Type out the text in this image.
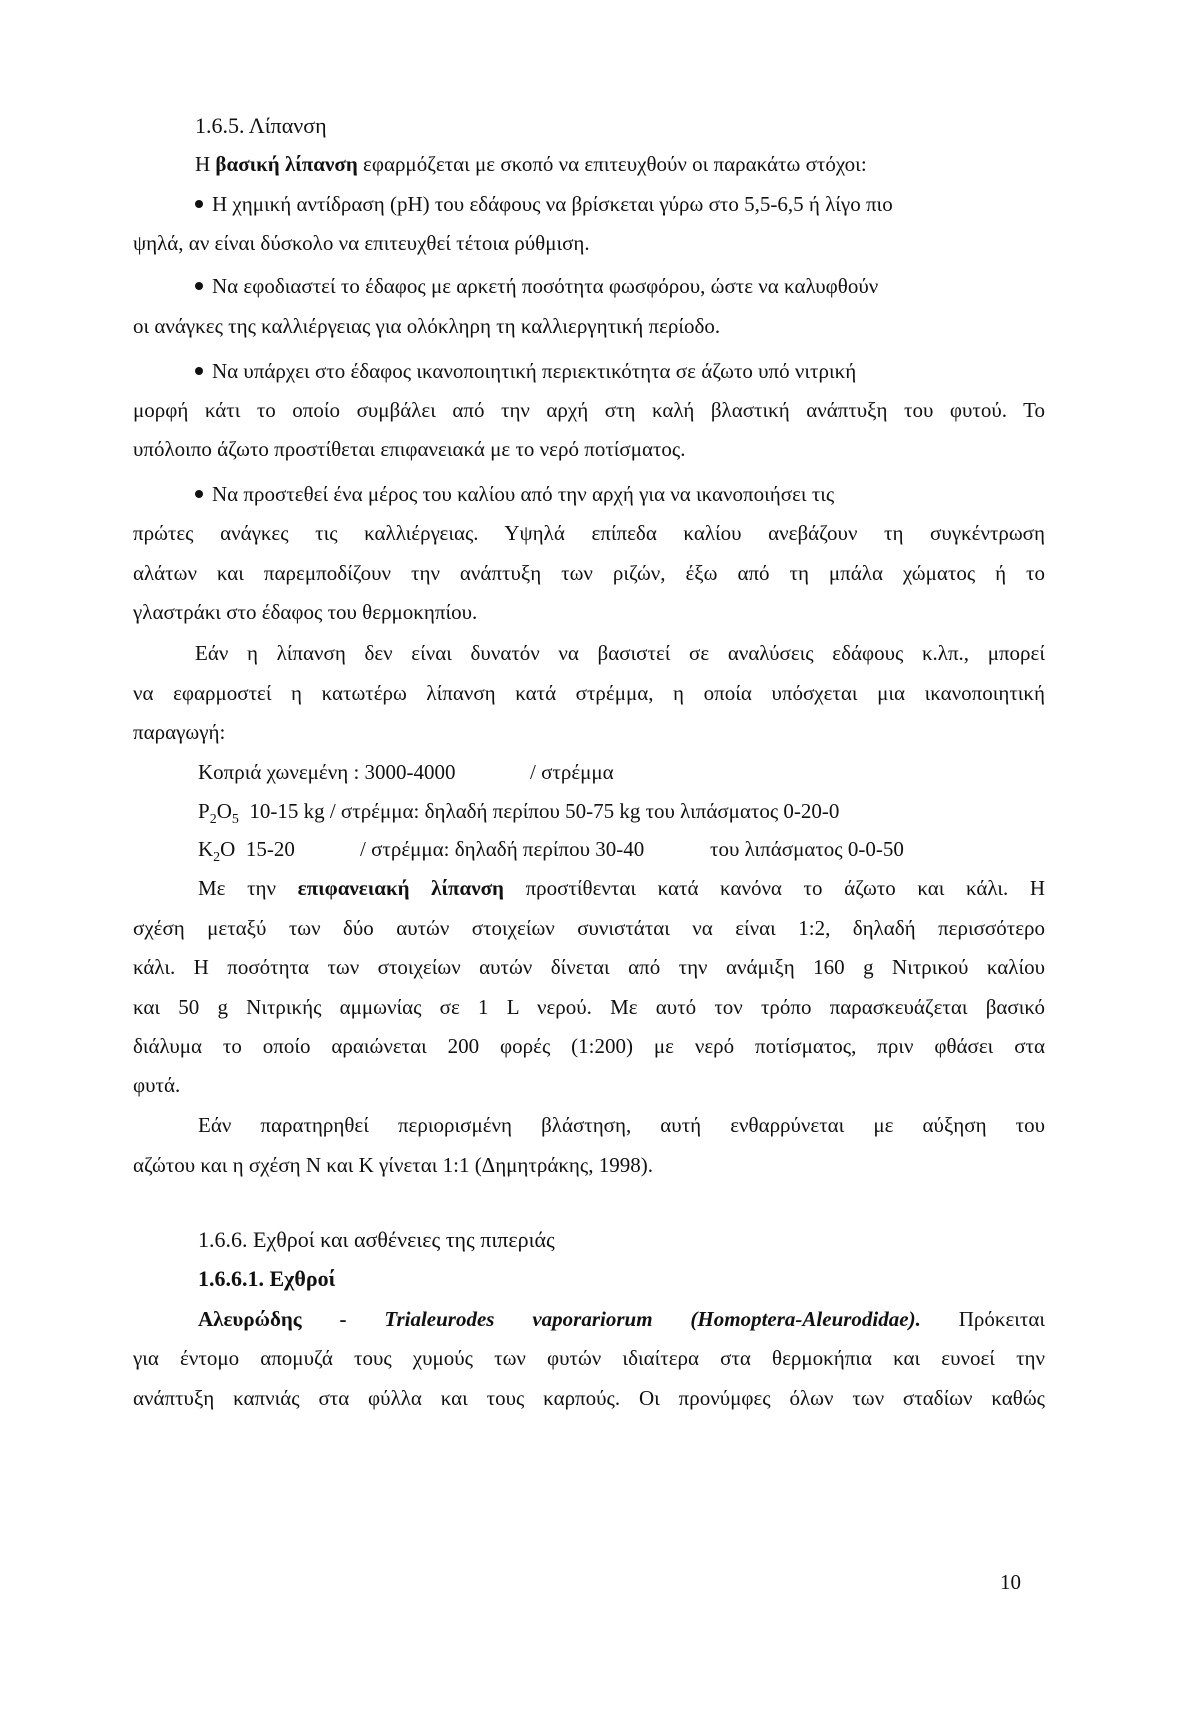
1.6.5. Λίπανση
Η βασική λίπανση εφαρμόζεται με σκοπό να επιτευχθούν οι παρακάτω στόχοι:
Η χημική αντίδραση (pH) του εδάφους να βρίσκεται γύρω στο 5,5-6,5 ή λίγο πιο
ψηλά, αν είναι δύσκολο να επιτευχθεί τέτοια ρύθμιση.
Να εφοδιαστεί το έδαφος με αρκετή ποσότητα φωσφόρου, ώστε να καλυφθούν
οι ανάγκες της καλλιέργειας για ολόκληρη τη καλλιεργητική περίοδο.
Να υπάρχει στο έδαφος ικανοποιητική περιεκτικότητα σε άζωτο υπό νιτρική
μορφή κάτι το οποίο συμβάλει από την αρχή στη καλή βλαστική ανάπτυξη του φυτού. Το
υπόλοιπο άζωτο προστίθεται επιφανειακά με το νερό ποτίσματος.
Να προστεθεί ένα μέρος του καλίου από την αρχή για να ικανοποιήσει τις
πρώτες ανάγκες τις καλλιέργειας. Υψηλά επίπεδα καλίου ανεβάζουν τη συγκέντρωση
αλάτων και παρεμποδίζουν την ανάπτυξη των ριζών, έξω από τη μπάλα χώματος ή το
γλαστράκι στο έδαφος του θερμοκηπίου.
Εάν η λίπανση δεν είναι δυνατόν να βασιστεί σε αναλύσεις εδάφους κ.λπ., μπορεί
να εφαρμοστεί η κατωτέρω λίπανση κατά στρέμμα, η οποία υπόσχεται μια ικανοποιητική
παραγωγή:
Κοπριά χωνεμένη : 3000-4000	/ στρέμμα
$P_2O_5$ 10-15 kg / στρέμμα: δηλαδή περίπου 50-75 kg του λιπάσματος 0-20-0
$K_2O$ 15-20	/ στρέμμα: δηλαδή περίπου 30-40	του λιπάσματος 0-0-50
Με την επιφανειακή λίπανση προστίθενται κατά κανόνα το άζωτο και κάλι. Η
σχέση μεταξύ των δύο αυτών στοιχείων συνιστάται να είναι 1:2, δηλαδή περισσότερο
κάλι. Η ποσότητα των στοιχείων αυτών δίνεται από την ανάμιξη 160 g Νιτρικού καλίου
και 50 g Νιτρικής αμμωνίας σε 1 L νερού. Με αυτό τον τρόπο παρασκευάζεται βασικό
διάλυμα το οποίο αραιώνεται 200 φορές (1:200) με νερό ποτίσματος, πριν φθάσει στα
φυτά.
Εάν παρατηρηθεί περιορισμένη βλάστηση, αυτή ενθαρρύνεται με αύξηση του
αζώτου και η σχέση Ν και Κ γίνεται 1:1 (Δημητράκης, 1998).
1.6.6. Εχθροί και ασθένειες της πιπεριάς
1.6.6.1. Εχθροί
Αλευρώδης - Trialeurodes vaporariorum (Homoptera-Aleurodidae). Πρόκειται
για έντομο απομυζά τους χυμούς των φυτών ιδιαίτερα στα θερμοκήπια και ευνοεί την
ανάπτυξη καπνιάς στα φύλλα και τους καρπούς. Οι προνύμφες όλων των σταδίων καθώς
10
